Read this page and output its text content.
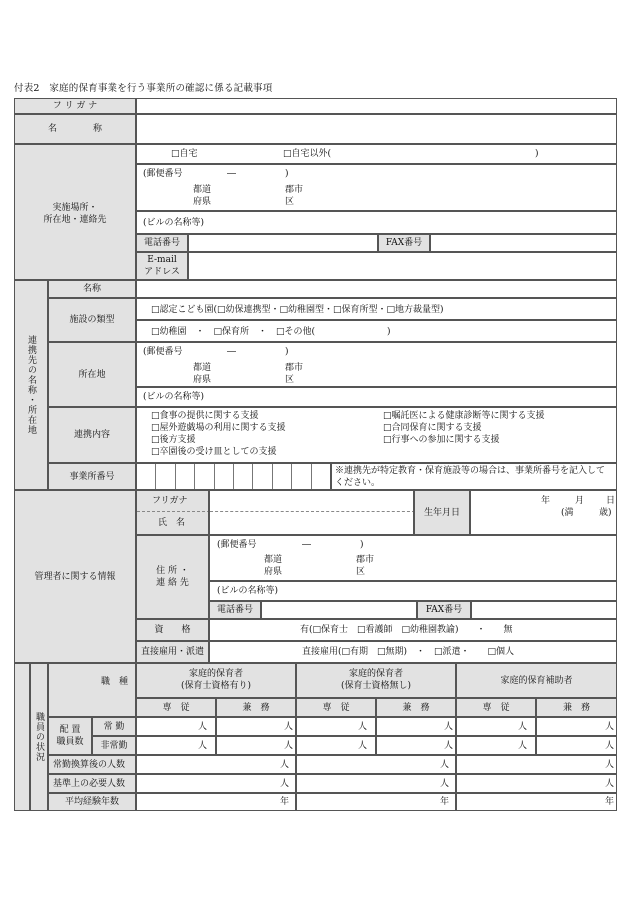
付表2　家庭的保育事業を行う事業所の確認に係る記載事項
フ リ ガ ナ
名　　　　称
実施場所・
所在地・連絡先
□自宅	□自宅以外(	)
(郵便番号	―	)
都道
府県
郡市
区
(ビルの名称等)
電話番号	FAX番号
E-mail
アドレス
連携先の名称・所在地
名称
施設の類型
□認定こども園(□幼保連携型・□幼稚園型・□保育所型・□地方裁量型)
□幼稚園　・　□保育所　・　□その他(　　　　　　　　)
所在地
(郵便番号	―	)
都道
府県
郡市
区
(ビルの名称等)
連携内容
□食事の提供に関する支援
□屋外遊戯場の利用に関する支援
□後方支援
□卒園後の受け皿としての支援
□嘱託医による健康診断等に関する支援
□合同保育に関する支援
□行事への参加に関する支援
事業所番号
※連携先が特定教育・保育施設等の場合は、事業所番号を記入してください。
管理者に関する情報
フリガナ
氏　名
生年月日
年	月 日
(満	歳)
住 所 ・
連 絡 先
(郵便番号	―	)
都道
府県
郡市
区
(ビルの名称等)
電話番号	FAX番号
資　　格	有(□保育士　□看護師　□幼稚園教諭)　　・　　無
直接雇用・派遣	直接雇用(□有期　□無期)　・　□派遣・　　□個人
職員の状況
職　種
家庭的保育者
(保育士資格有り)
家庭的保育者
(保育士資格無し)
家庭的保育補助者
専　従	兼　務	専　従	兼　務	専　従	兼　務
配 置
職員数
常 勤
非常勤
人	人	人	人	人	人
人	人	人	人	人	人
常勤換算後の人数	人	人	人
基準上の必要人数	人	人	人
平均経験年数	年	年	年
